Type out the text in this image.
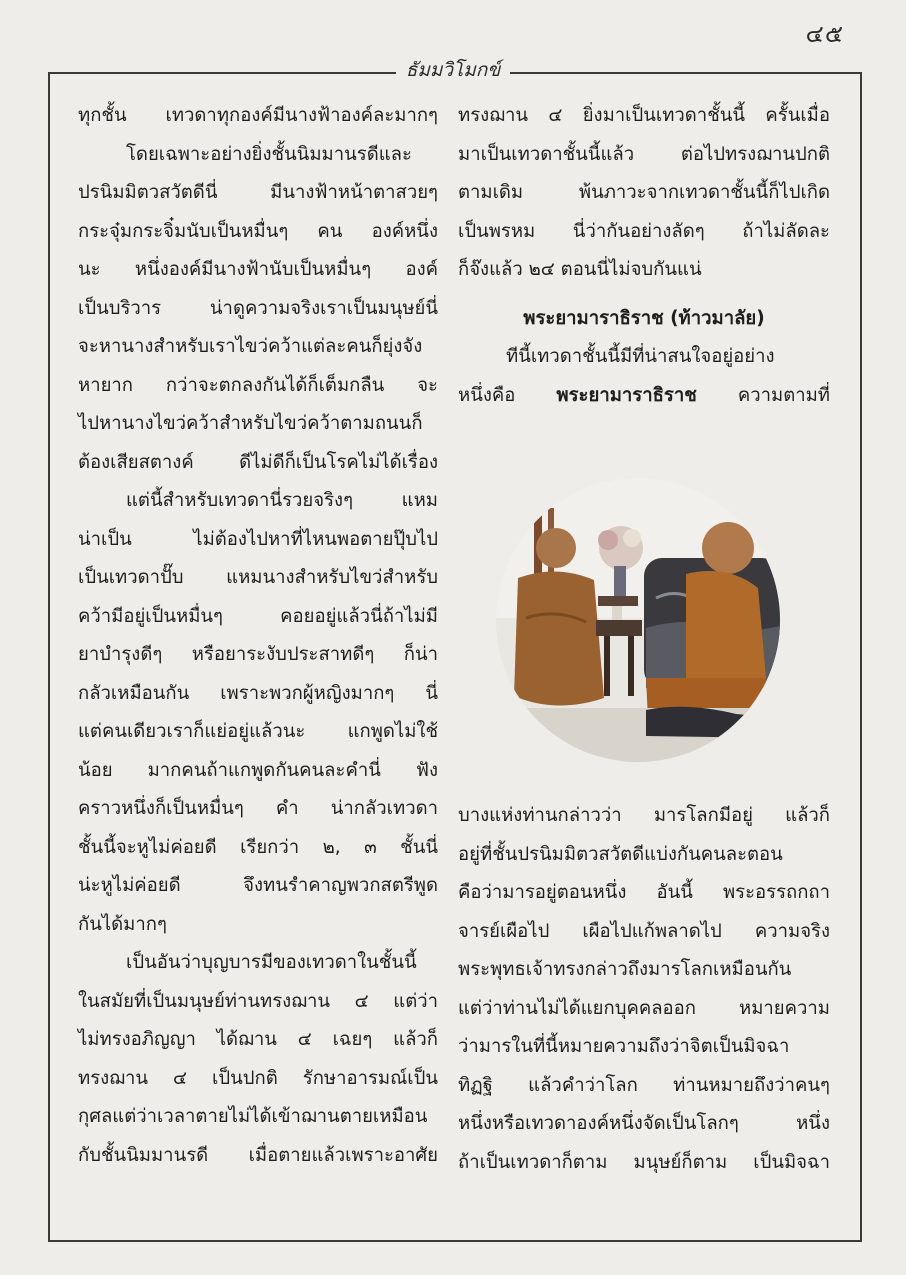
๔๕
ธัมมวิโมกข์
ทุกชั้น เทวดาทุกองค์มีนางฟ้าองค์ละมากๆ
โดยเฉพาะอย่างยิ่งชั้นนิมมานรดีและ
ปรนิมมิตวสวัตดีนี่ มีนางฟ้าหน้าตาสวยๆ
กระจุ๋มกระจิ๋มนับเป็นหมื่นๆ คน องค์หนึ่ง
นะ หนึ่งองค์มีนางฟ้านับเป็นหมื่นๆ องค์
เป็นบริวาร น่าดูความจริงเราเป็นมนุษย์นี่
จะหานางสำหรับเราไขว่คว้าแต่ละคนก็ยุ่งจัง
หายาก กว่าจะตกลงกันได้ก็เต็มกลืน จะ
ไปหานางไขว่คว้าสำหรับไขว่คว้าตามถนนก็
ต้องเสียสตางค์ ดีไม่ดีก็เป็นโรคไม่ได้เรื่อง
แต่นี้สำหรับเทวดานี่รวยจริงๆ แหม
น่าเป็น ไม่ต้องไปหาที่ไหนพอตายปุ๊บไป
เป็นเทวดาปั๊บ แหมนางสำหรับไขว่สำหรับ
คว้ามีอยู่เป็นหมื่นๆ คอยอยู่แล้วนี่ถ้าไม่มี
ยาบำรุงดีๆ หรือยาระงับประสาทดีๆ ก็น่า
กลัวเหมือนกัน เพราะพวกผู้หญิงมากๆ นี่
แต่คนเดียวเราก็แย่อยู่แล้วนะ แกพูดไม่ใช้
น้อย มากคนถ้าแกพูดกันคนละคำนี่ ฟัง
คราวหนึ่งก็เป็นหมื่นๆ คำ น่ากลัวเทวดา
ชั้นนี้จะหูไม่ค่อยดี เรียกว่า ๒, ๓ ชั้นนี่
น่ะหูไม่ค่อยดี จึงทนรำคาญพวกสตรีพูด
กันได้มากๆ
เป็นอันว่าบุญบารมีของเทวดาในชั้นนี้
ในสมัยที่เป็นมนุษย์ท่านทรงฌาน ๔ แต่ว่า
ไม่ทรงอภิญญา ได้ฌาน ๔ เฉยๆ แล้วก็
ทรงฌาน ๔ เป็นปกติ รักษาอารมณ์เป็น
กุศลแต่ว่าเวลาตายไม่ได้เข้าฌานตายเหมือน
กับชั้นนิมมานรดี เมื่อตายแล้วเพราะอาศัย
ทรงฌาน ๔ ยิ่งมาเป็นเทวดาชั้นนี้ ครั้นเมื่อ
มาเป็นเทวดาชั้นนี้แล้ว ต่อไปทรงฌานปกติ
ตามเดิม พ้นภาวะจากเทวดาชั้นนี้ก็ไปเกิด
เป็นพรหม นี่ว่ากันอย่างลัดๆ ถ้าไม่ลัดละ
ก็จ๊งแล้ว ๒๔ ตอนนี่ไม่จบกันแน่
พระยามาราธิราช (ท้าวมาลัย)
ทีนี้เทวดาชั้นนี้มีที่น่าสนใจอยู่อย่าง
หนึ่งคือ พระยามาราธิราช ความตามที่
บางแห่งท่านกล่าวว่า มารโลกมีอยู่ แล้วก็
อยู่ที่ชั้นปรนิมมิตวสวัตดีแบ่งกันคนละตอน
คือว่ามารอยู่ตอนหนึ่ง อันนี้ พระอรรถกถา
จารย์เผือไป เผือไปแก้พลาดไป ความจริง
พระพุทธเจ้าทรงกล่าวถึงมารโลกเหมือนกัน
แต่ว่าท่านไม่ได้แยกบุคคลออก หมายความ
ว่ามารในที่นี้หมายความถึงว่าจิตเป็นมิจฉา
ทิฏฐิ แล้วคำว่าโลก ท่านหมายถึงว่าคนๆ
หนึ่งหรือเทวดาองค์หนึ่งจัดเป็นโลกๆ หนึ่ง
ถ้าเป็นเทวดาก็ตาม มนุษย์ก็ตาม เป็นมิจฉา
